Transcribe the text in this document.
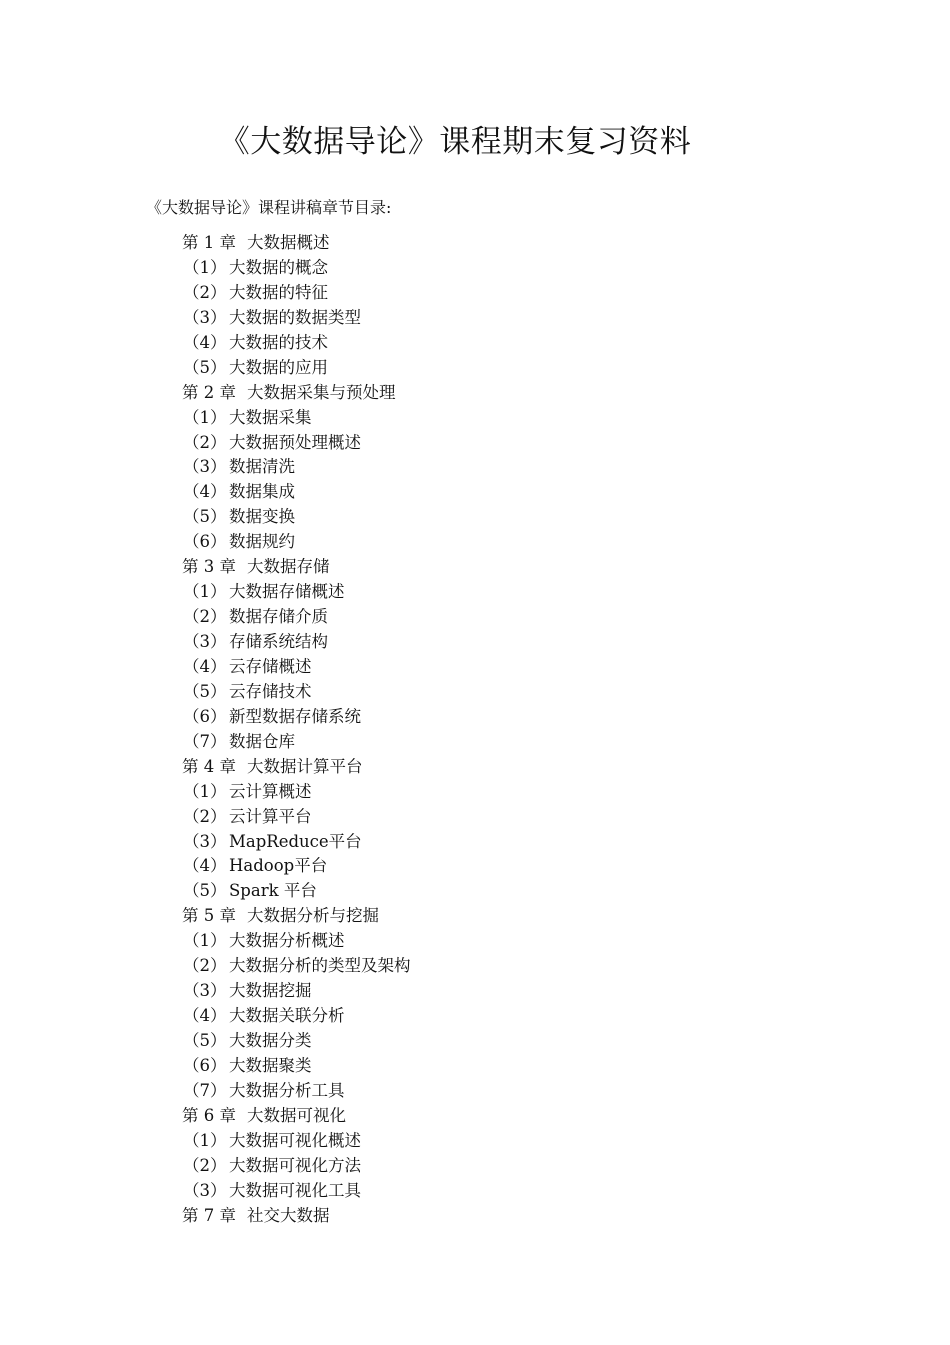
《大数据导论》课程期末复习资料

《大数据导论》课程讲稿章节目录:

第 1 章 大数据概述
（1） 大数据的概念
（2） 大数据的特征
（3） 大数据的数据类型
（4） 大数据的技术
（5） 大数据的应用
第 2 章 大数据采集与预处理
（1） 大数据采集
（2） 大数据预处理概述
（3） 数据清洗
（4） 数据集成
（5） 数据变换
（6） 数据规约
第 3 章 大数据存储
（1） 大数据存储概述
（2） 数据存储介质
（3） 存储系统结构
（4） 云存储概述
（5） 云存储技术
（6） 新型数据存储系统
（7） 数据仓库
第 4 章 大数据计算平台
（1） 云计算概述
（2） 云计算平台
（3） MapReduce平台
（4） Hadoop平台
（5） Spark 平台
第 5 章 大数据分析与挖掘
（1） 大数据分析概述
（2） 大数据分析的类型及架构
（3） 大数据挖掘
（4） 大数据关联分析
（5） 大数据分类
（6） 大数据聚类
（7） 大数据分析工具
第 6 章 大数据可视化
（1） 大数据可视化概述
（2） 大数据可视化方法
（3） 大数据可视化工具
第 7 章 社交大数据
